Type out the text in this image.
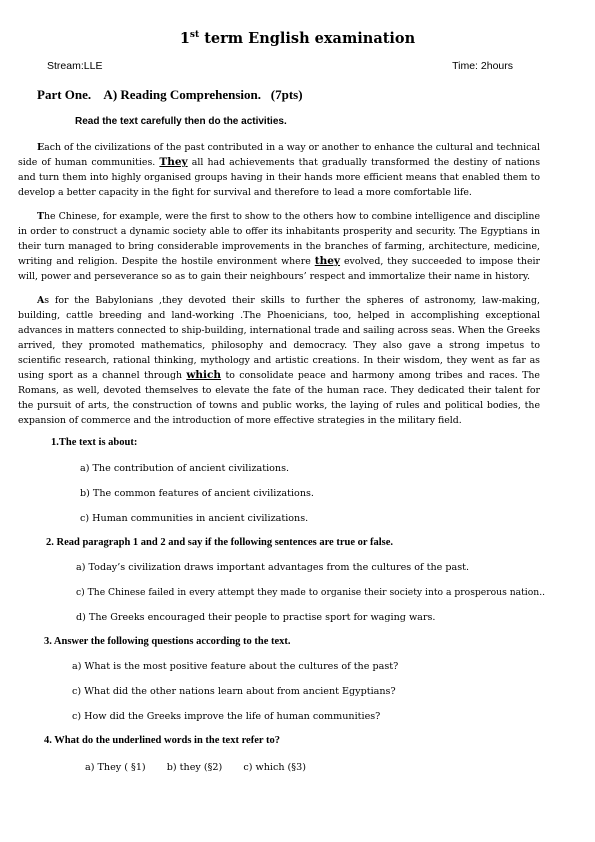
1st term English examination
Stream:LLE	Time: 2hours
Part One.    A) Reading Comprehension.   (7pts)
Read the text carefully then do the activities.
Each of the civilizations of the past contributed in a way or another to enhance the cultural and technical side of human communities. They all had achievements that gradually transformed the destiny of nations and turn them into highly organised groups having in their hands more efficient means that enabled them to develop a better capacity in the fight for survival and therefore to lead a more comfortable life.
The Chinese, for example, were the first to show to the others how to combine intelligence and discipline in order to construct a dynamic society able to offer its inhabitants prosperity and security. The Egyptians in their turn managed to bring considerable improvements in the branches of farming, architecture, medicine, writing and religion. Despite the hostile environment where they evolved, they succeeded to impose their will, power and perseverance so as to gain their neighbours’ respect and immortalize their name in history.
As for the Babylonians ,they devoted their skills to further the spheres of astronomy, law-making, building, cattle breeding and land-working .The Phoenicians, too, helped in accomplishing exceptional advances in matters connected to ship-building, international trade and sailing across seas. When the Greeks arrived, they promoted mathematics, philosophy and democracy. They also gave a strong impetus to scientific research, rational thinking, mythology and artistic creations. In their wisdom, they went as far as using sport as a channel through which to consolidate peace and harmony among tribes and races. The Romans, as well, devoted themselves to elevate the fate of the human race. They dedicated their talent for the pursuit of arts, the construction of towns and public works, the laying of rules and political bodies, the expansion of commerce and the introduction of more effective strategies in the military field.
1.The text is about:
a) The contribution of ancient civilizations.
b) The common features of ancient civilizations.
c) Human communities in ancient civilizations.
2. Read paragraph 1 and 2 and say if the following sentences are true or false.
a) Today’s civilization draws important advantages from the cultures of the past.
c) The Chinese failed in every attempt they made to organise their society into a prosperous nation..
d) The Greeks encouraged their people to practise sport for waging wars.
3. Answer the following questions according to the text.
a) What is the most positive feature about the cultures of the past?
c) What did the other nations learn about from ancient Egyptians?
c) How did the Greeks improve the life of human communities?
4. What do the underlined words in the text refer to?
a) They ( §1) b) they (§2) c) which (§3)
